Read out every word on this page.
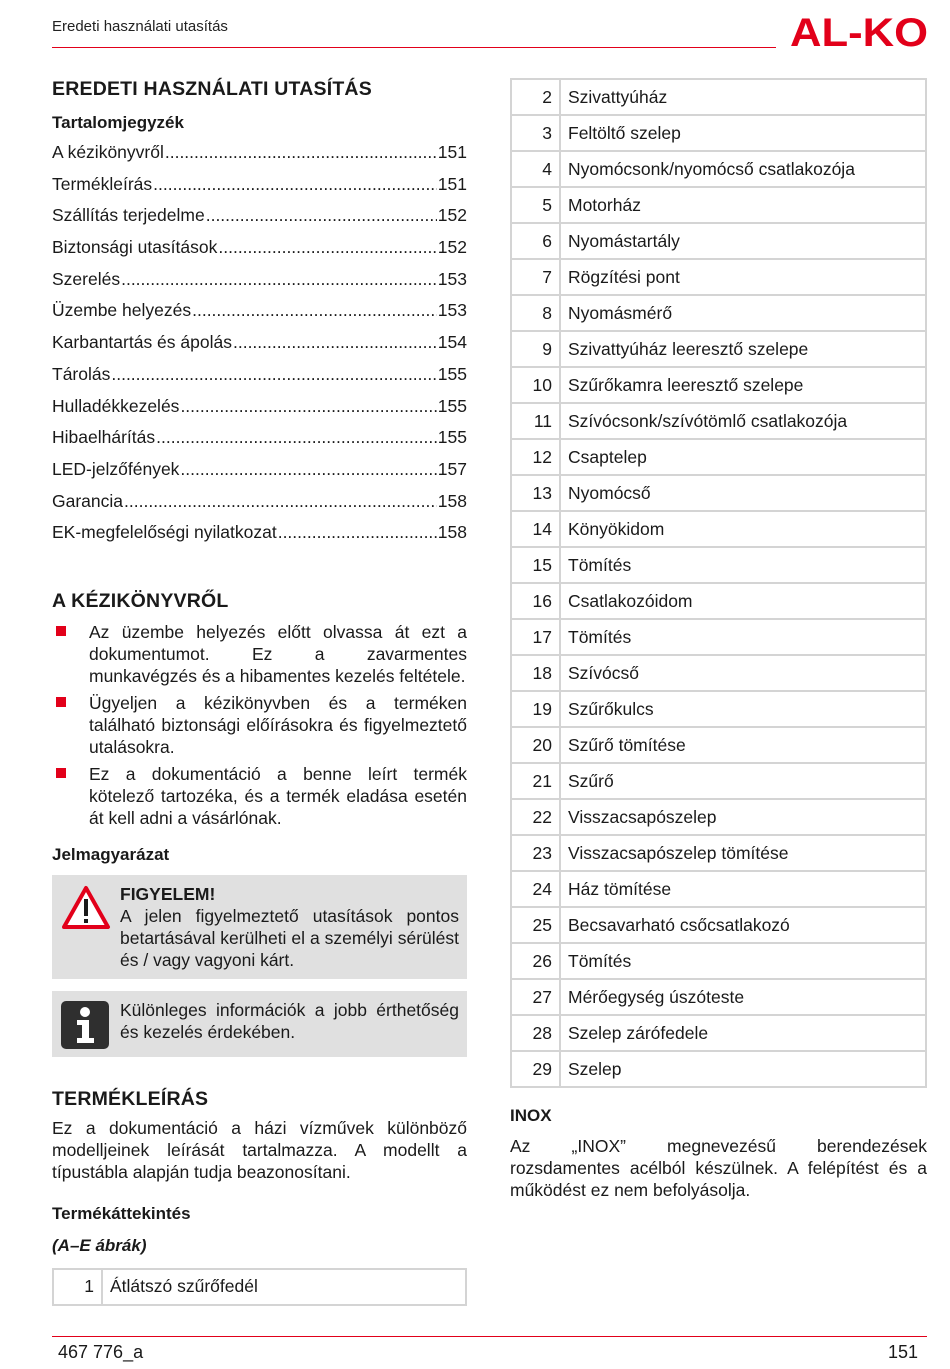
Eredeti használati utasítás	AL-KO
EREDETI HASZNÁLATI UTASÍTÁS
Tartalomjegyzék
A kézikönyvről .....	151
Termékleírás .....	151
Szállítás terjedelme .....	152
Biztonsági utasítások .....	152
Szerelés .....	153
Üzembe helyezés .....	153
Karbantartás és ápolás .....	154
Tárolás .....	155
Hulladékkezelés .....	155
Hibaelhárítás .....	155
LED-jelzőfények .....	157
Garancia .....	158
EK-megfelelőségi nyilatkozat .....	158
A KÉZIKÖNYVRŐL
Az üzembe helyezés előtt olvassa át ezt a dokumentumot. Ez a zavarmentes munkavégzés és a hibamentes kezelés feltétele.
Ügyeljen a kézikönyvben és a terméken található biztonsági előírásokra és figyelmeztető utalásokra.
Ez a dokumentáció a benne leírt termék kötelező tartozéka, és a termék eladása esetén át kell adni a vásárlónak.
Jelmagyarázat
FIGYELEM!
A jelen figyelmeztető utasítások pontos betartásával kerülheti el a személyi sérülést és / vagy vagyoni kárt.
Különleges információk a jobb érthetőség és kezelés érdekében.
TERMÉKLEÍRÁS
Ez a dokumentáció a házi vízművek különböző modelljeinek leírását tartalmazza. A modellt a típustábla alapján tudja beazonosítani.
Termékáttekintés
(A–E ábrák)
1	Átlátszó szűrőfedél
2	Szivattyúház
3	Feltöltő szelep
4	Nyomócsonk/nyomócső csatlakozója
5	Motorház
6	Nyomástartály
7	Rögzítési pont
8	Nyomásmérő
9	Szivattyúház leeresztő szelepe
10	Szűrőkamra leeresztő szelepe
11	Szívócsonk/szívótömlő csatlakozója
12	Csaptelep
13	Nyomócső
14	Könyökidom
15	Tömítés
16	Csatlakozóidom
17	Tömítés
18	Szívócső
19	Szűrőkulcs
20	Szűrő tömítése
21	Szűrő
22	Visszacsapószelep
23	Visszacsapószelep tömítése
24	Ház tömítése
25	Becsavarható csőcsatlakozó
26	Tömítés
27	Mérőegység úszóteste
28	Szelep zárófedele
29	Szelep
INOX
Az „INOX” megnevezésű berendezések rozsdamentes acélból készülnek. A felépítést és a működést ez nem befolyásolja.
467 776_a	151
